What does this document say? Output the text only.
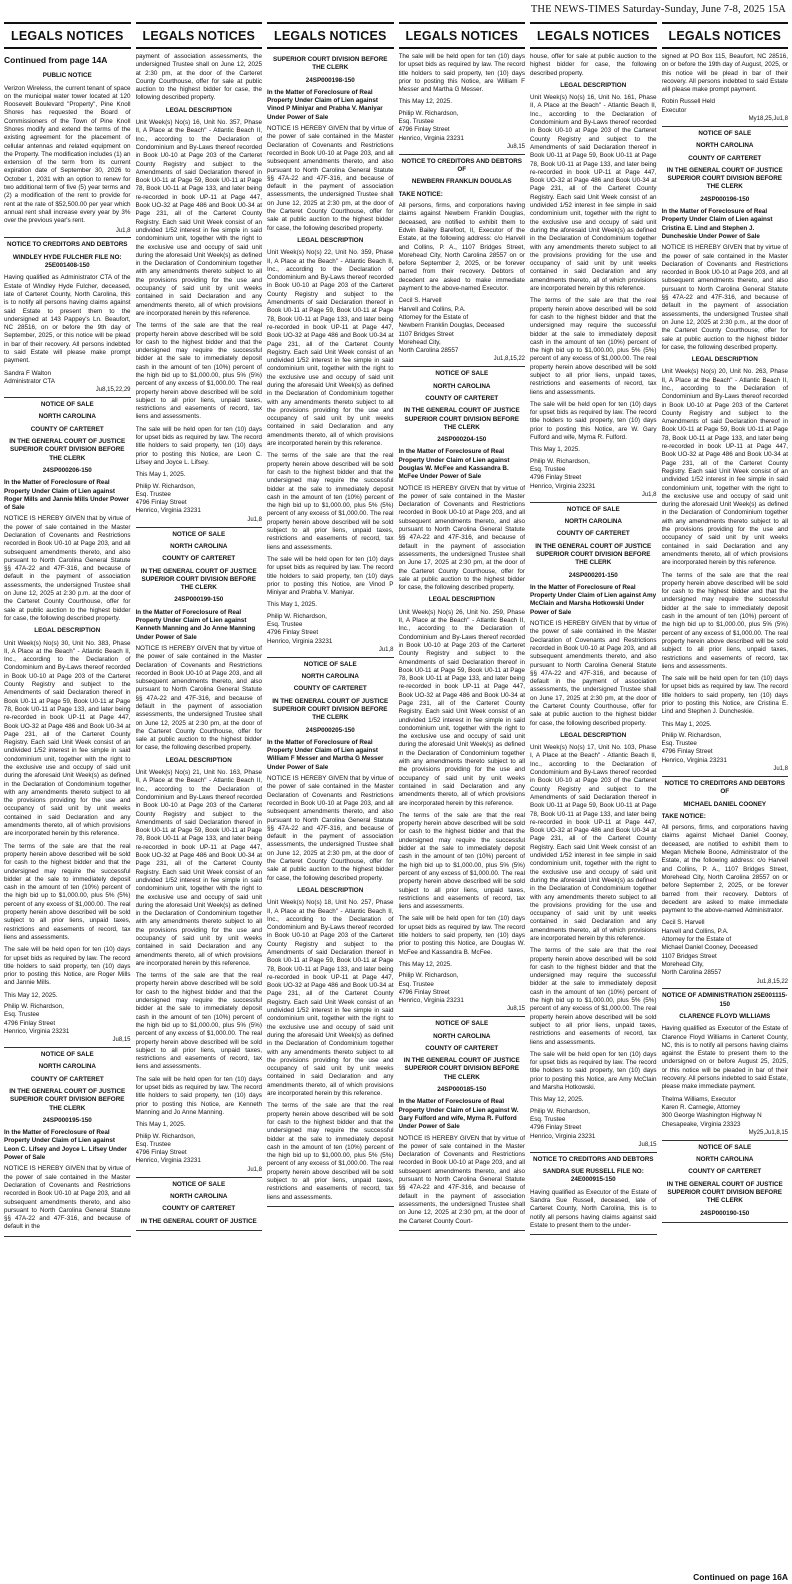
THE NEWS-TIMES Saturday-Sunday, June 7-8, 2025 15A
LEGALS NOTICES
Continued from page 14A
PUBLIC NOTICE

Verizon Wireless, the current tenant of space on the municipal water tower located at 120 Roosevelt Boulevard "Property", Pine Knoll Shores has requested the Board of Commissioners of the Town of Pine Knoll Shores modify and extend the terms of the existing agreement for the placement of cellular antennas and related equipment on the Property. The modification includes (1) an extension of the term from its current expiration date of September 30, 2026 to October 1, 2031 with an option to renew for two additional term of five (5) year terms and (2) a modification of the rent to provide for rent at the rate of $52,500.00 per year which annual rent shall increase every year by 3% over the previous year's rent.

Ju1,8
NOTICE TO CREDITORS AND DEBTORS
WINDLEY HYDE FULCHER FILE NO: 25E001408-150

Having qualified as Administrator CTA of the Estate of Windley Hyde Fulcher, deceased, late of Carteret County, North Carolina, this is to notify all persons having claims against said Estate to present them to the undersigned at 143 Pappey's Ln. Beaufort, NC 28516, on or before the 9th day of September, 2025, or this notice will be plead in bar of their recovery. All persons indebted to said Estate will please make prompt payment.

Sandra F Walton
Administrator CTA
Ju8,15,22,29
NOTICE OF SALE
NORTH CAROLINA
COUNTY OF CARTERET
IN THE GENERAL COURT OF JUSTICE SUPERIOR COURT DIVISION BEFORE THE CLERK
24SP000206-150
In the Matter of Foreclosure of Real Property Under Claim of Lien against Roger Mills and Jannie Mills Under Power of Sale

NOTICE IS HEREBY GIVEN that by virtue of the power of sale contained in the Master Declaration of Covenants and Restrictions recorded in Book U0-10 at Page 203, and all subsequent amendments thereto, and also pursuant to North Carolina General Statute §§ 47A-22 and 47F-316, and because of default in the payment of association assessments, the undersigned Trustee shall on June 12, 2025 at 2:30 p.m. at the door of the Carteret County Courthouse, offer for sale at public auction to the highest bidder for case, the following described property.

LEGAL DESCRIPTION

Unit Week(s) No(s) 30, Unit No. 383, Phase II, A Place at the Beach" - Atlantic Beach II, Inc., according to the Declaration of Condominium and By-Laws thereof recorded in Book U0-10 at Page 203 of the Carteret County Registry and subject to the Amendments of said Declaration thereof in Book U0-11 at Page 59, Book U0-11 at Page 78, Book U0-11 at Page 133, and later being re-recorded in book UP-11 at Page 447, Book UO-32 at Page 486 and Book U0-34 at Page 231, all of the Carteret County Registry. Each said Unit Week consist of an undivided 1/52 interest in fee simple in said condominium unit, together with the right to the exclusive use and occupy of said unit during the aforesaid Unit Week(s) as defined in the Declaration of Condominium together with any amendments thereto subject to all the provisions providing for the use and occupancy of said unit by unit weeks contained in said Declaration and any amendments thereto, all of which provisions are incorporated herein by this reference.

The terms of the sale are that the real property herein above described will be sold for cash to the highest bidder and that the undersigned may require the successful bidder at the sale to immediately deposit cash in the amount of ten (10%) percent of the high bid up to $1,000.00, plus 5% (5%) percent of any excess of $1,000.00. The real property herein above described will be sold subject to all prior liens, unpaid taxes, restrictions and easements of record, tax liens and assessments.

The sale will be held open for ten (10) days for upset bids as required by law. The record title holders to said property, ten (10) days prior to posting this Notice, are Roger Mills and Jannie Mills.

This May 12, 2025.

Philip W. Richardson,
Esq. Trustee
4796 Finlay Street
Henrico, Virginia 23231
Ju8,15
NOTICE OF SALE
NORTH CAROLINA
COUNTY OF CARTERET
IN THE GENERAL COURT OF JUSTICE SUPERIOR COURT DIVISION BEFORE THE CLERK
24SP000195-150
In the Matter of Foreclosure of Real Property Under Claim of Lien against Leon C. Lifsey and Joyce L. Lifsey Under Power of Sale

NOTICE IS HEREBY GIVEN that by virtue of the power of sale contained in the Master Declaration of Covenants and Restrictions recorded in Book U0-10 at Page 203, and all subsequent amendments thereto, and also pursuant to North Carolina General Statute §§ 47A-22 and 47F-316, and because of default in the

LEGALS NOTICES

payment of association assessments, the undersigned Trustee shall on June 12, 2025 at 2:30 pm, at the door of the Carteret County Courthouse, offer for sale at public auction to the highest bidder for case, the following described property.

LEGAL DESCRIPTION

Unit Week(s) No(s) 16, Unit No. 357, Phase II, A Place at the Beach" - Atlantic Beach II, Inc., according to the Declaration of Condominium and By-Laws thereof recorded in Book U0-10 at Page 203 of the Carteret County Registry and subject to the Amendments of said Declaration thereof in Book U0-11 at Page 59, Book U0-11 at Page 78, Book U0-11 at Page 133, and later being re-recorded in book UP-11 at Page 447, Book UO-32 at Page 486 and Book U0-34 at Page 231, all of the Carteret County Registry. Each said Unit Week consist of an undivided 1/52 interest in fee simple in said condominium unit, together with the right to the exclusive use and occupy of said unit during the aforesaid Unit Week(s) as defined in the Declaration of Condominium together with any amendments thereto subject to all the provisions providing for the use and occupancy of said unit by unit weeks contained in said Declaration and any amendments thereto, all of which provisions are incorporated herein by this reference.

The terms of the sale are that the real property herein above described will be sold for cash to the highest bidder and that the undersigned may require the successful bidder at the sale to immediately deposit cash in the amount of ten (10%) percent of the high bid up to $1,000.00, plus 5% (5%) percent of any excess of $1,000.00. The real property herein above described will be sold subject to all prior liens, unpaid taxes, restrictions and easements of record, tax liens and assessments.

The sale will be held open for ten (10) days for upset bids as required by law. The record title holders to said property, ten (10) days prior to posting this Notice, are Leon C. Lifsey and Joyce L. Lifsey.

This May 1, 2025.

Philip W. Richardson,
Esq. Trustee
4796 Finlay Street
Henrico, Virginia 23231
Ju1,8
NOTICE OF SALE
NORTH CAROLINA
COUNTY OF CARTERET
IN THE GENERAL COURT OF JUSTICE SUPERIOR COURT DIVISION BEFORE THE CLERK
24SP000199-150
In the Matter of Foreclosure of Real Property Under Claim of Lien against Kenneth Manning and Jo Anne Manning Under Power of Sale

NOTICE IS HEREBY GIVEN that by virtue of the power of sale contained in the Master Declaration of Covenants and Restrictions recorded in Book U0-10 at Page 203, and all subsequent amendments thereto, and also pursuant to North Carolina General Statute §§ 47A-22 and 47F-316, and because of default in the payment of association assessments, the undersigned Trustee shall on June 12, 2025 at 2:30 pm, at the door of the Carteret County Courthouse, offer for sale at public auction to the highest bidder for case, the following described property.

LEGAL DESCRIPTION

Unit Week(s) No(s) 21, Unit No. 163, Phase II, A Place at the Beach" - Atlantic Beach II, Inc., according to the Declaration of Condominium and By-Laws thereof recorded in Book U0-10 at Page 203 of the Carteret County Registry and subject to the Amendments of said Declaration thereof in Book U0-11 at Page 59, Book U0-11 at Page 78, Book U0-11 at Page 133, and later being re-recorded in book UP-11 at Page 447, Book UO-32 at Page 486 and Book U0-34 at Page 231, all of the Carteret County Registry. Each said Unit Week consist of an undivided 1/52 interest in fee simple in said condominium unit, together with the right to the exclusive use and occupy of said unit during the aforesaid Unit Week(s) as defined in the Declaration of Condominium together with any amendments thereto subject to all the provisions providing for the use and occupancy of said unit by unit weeks contained in said Declaration and any amendments thereto, all of which provisions are incorporated herein by this reference.

The terms of the sale are that the real property herein above described will be sold for cash to the highest bidder and that the undersigned may require the successful bidder at the sale to immediately deposit cash in the amount of ten (10%) percent of the high bid up to $1,000.00, plus 5% (5%) percent of any excess of $1,000.00. The real property herein above described will be sold subject to all prior liens, unpaid taxes, restrictions and easements of record, tax liens and assessments.

The sale will be held open for ten (10) days for upset bids as required by law. The record title holders to said property, ten (10) days prior to posting this Notice, are Kenneth Manning and Jo Anne Manning.

This May 1, 2025.

Philip W. Richardson,
Esq. Trustee
4796 Finlay Street
Henrico, Virginia 23231
Ju1,8
NOTICE OF SALE
NORTH CAROLINA
COUNTY OF CARTERET
IN THE GENERAL COURT OF JUSTICE
LEGALS NOTICES
SUPERIOR COURT DIVISION BEFORE THE CLERK
24SP000198-150
In the Matter of Foreclosure of Real Property Under Claim of Lien against Vinod P Miniyar and Prabha V. Maniyar Under Power of Sale

NOTICE IS HEREBY GIVEN that by virtue of the power of sale contained in the Master Declaration of Covenants and Restrictions recorded in Book U0-10 at Page 203, and all subsequent amendments thereto, and also pursuant to North Carolina General Statute §§ 47A-22 and 47F-316, and because of default in the payment of association assessments, the undersigned Trustee shall on June 12, 2025 at 2:30 pm, at the door of the Carteret County Courthouse, offer for sale at public auction to the highest bidder for case, the following described property.

LEGAL DESCRIPTION

Unit Week(s) No(s) 22, Unit No. 359, Phase II, A Place at the Beach" - Atlantic Beach II, Inc., according to the Declaration of Condominium and By-Laws thereof recorded in Book U0-10 at Page 203 of the Carteret County Registry and subject to the Amendments of said Declaration thereof in Book U0-11 at Page 59, Book U0-11 at Page 78, Book U0-11 at Page 133, and later being re-recorded in book UP-11 at Page 447, Book UO-32 at Page 486 and Book U0-34 at Page 231, all of the Carteret County Registry. Each said Unit Week consist of an undivided 1/52 interest in fee simple in said condominium unit, together with the right to the exclusive use and occupy of said unit during the aforesaid Unit Week(s) as defined in the Declaration of Condominium together with any amendments thereto subject to all the provisions providing for the use and occupancy of said unit by unit weeks contained in said Declaration and any amendments thereto, all of which provisions are incorporated herein by this reference.

The terms of the sale are that the real property herein above described will be sold for cash to the highest bidder and that the undersigned may require the successful bidder at the sale to immediately deposit cash in the amount of ten (10%) percent of the high bid up to $1,000.00, plus 5% (5%) percent of any excess of $1,000.00. The real property herein above described will be sold subject to all prior liens, unpaid taxes, restrictions and easements of record, tax liens and assessments.

The sale will be held open for ten (10) days for upset bids as required by law. The record title holders to said property, ten (10) days prior to posting this Notice, are Vinod P Miniyar and Prabha V. Maniyar.

This May 1, 2025.

Philip W. Richardson,
Esq. Trustee
4796 Finlay Street
Henrico, Virginia 23231
Ju1,8
NOTICE OF SALE
NORTH CAROLINA
COUNTY OF CARTERET
IN THE GENERAL COURT OF JUSTICE SUPERIOR COURT DIVISION BEFORE THE CLERK
24SP000205-150
In the Matter of Foreclosure of Real Property Under Claim of Lien against William F Messer and Martha G Messer Under Power of Sale

NOTICE IS HEREBY GIVEN that by virtue of the power of sale contained in the Master Declaration of Covenants and Restrictions recorded in Book U0-10 at Page 203, and all subsequent amendments thereto, and also pursuant to North Carolina General Statute §§ 47A-22 and 47F-316, and because of default in the payment of association assessments, the undersigned Trustee shall on June 12, 2025 at 2:30 pm, at the door of the Carteret County Courthouse, offer for sale at public auction to the highest bidder for case, the following described property.

LEGAL DESCRIPTION

Unit Week(s) No(s) 18, Unit No. 257, Phase II, A Place at the Beach" - Atlantic Beach II, Inc., according to the Declaration of Condominium and By-Laws thereof recorded in Book U0-10 at Page 203 of the Carteret County Registry and subject to the Amendments of said Declaration thereof in Book U0-11 at Page 59, Book U0-11 at Page 78, Book U0-11 at Page 133, and later being re-recorded in book UP-11 at Page 447, Book UO-32 at Page 486 and Book U0-34 at Page 231, all of the Carteret County Registry. Each said Unit Week consist of an undivided 1/52 interest in fee simple in said condominium unit, together with the right to the exclusive use and occupy of said unit during the aforesaid Unit Week(s) as defined in the Declaration of Condominium together with any amendments thereto subject to all the provisions providing for the use and occupancy of said unit by unit weeks contained in said Declaration and any amendments thereto, all of which provisions are incorporated herein by this reference.

The terms of the sale are that the real property herein above described will be sold for cash to the highest bidder and that the undersigned may require the successful bidder at the sale to immediately deposit cash in the amount of ten (10%) percent of the high bid up to $1,000.00, plus 5% (5%) percent of any excess of $1,000.00. The real property herein above described will be sold subject to all prior liens, unpaid taxes, restrictions and easements of record, tax liens and assessments.

LEGALS NOTICES

The sale will be held open for ten (10) days for upset bids as required by law. The record title holders to said property, ten (10) days prior to posting this Notice, are William F Messer and Martha G Messer.

This May 12, 2025.

Philip W. Richardson,
Esq. Trustee
4796 Finlay Street
Henrico, Virginia 23231
Ju8,15
NOTICE TO CREDITORS AND DEBTORS OF
NEWBERN FRANKLIN DOUGLAS
TAKE NOTICE:

All persons, firms, and corporations having claims against Newbern Franklin Douglas, deceased, are notified to exhibit them to Edwin Bailey Barefoot, II, Executor of the Estate, at the following address: c/o Harvell and Collins, P. A., 1107 Bridges Street, Morehead City, North Carolina 28557 on or before September 2, 2025, or be forever barred from their recovery. Debtors of decedent are asked to make immediate payment to the above-named Executor.

Cecil S. Harvell
Harvell and Collins, P.A.
Attorney for the Estate of
Newbern Franklin Douglas, Deceased
1107 Bridges Street
Morehead City,
North Carolina 28557
Ju1,8,15,22
NOTICE OF SALE
NORTH CAROLINA
COUNTY OF CARTERET
IN THE GENERAL COURT OF JUSTICE SUPERIOR COURT DIVISION BEFORE THE CLERK
24SP000204-150
In the Matter of Foreclosure of Real Property Under Claim of Lien against Douglas W. McFee and Kassandra B. McFee Under Power of Sale

NOTICE IS HEREBY GIVEN that by virtue of the power of sale contained in the Master Declaration of Covenants and Restrictions recorded in Book U0-10 at Page 203, and all subsequent amendments thereto, and also pursuant to North Carolina General Statute §§ 47A-22 and 47F-316, and because of default in the payment of association assessments, the undersigned Trustee shall on June 17, 2025 at 2:30 pm, at the door of the Carteret County Courthouse, offer for sale at public auction to the highest bidder for case, the following described property.

LEGAL DESCRIPTION

Unit Week(s) No(s) 26, Unit No. 259, Phase II, A Place at the Beach" - Atlantic Beach II, Inc., according to the Declaration of Condominium and By-Laws thereof recorded in Book U0-10 at Page 203 of the Carteret County Registry and subject to the Amendments of said Declaration thereof in Book U0-11 at Page 59, Book U0-11 at Page 78, Book U0-11 at Page 133, and later being re-recorded in book UP-11 at Page 447, Book UO-32 at Page 486 and Book U0-34 at Page 231, all of the Carteret County Registry. Each said Unit Week consist of an undivided 1/52 interest in fee simple in said condominium unit, together with the right to the exclusive use and occupy of said unit during the aforesaid Unit Week(s) as defined in the Declaration of Condominium together with any amendments thereto subject to all the provisions providing for the use and occupancy of said unit by unit weeks contained in said Declaration and any amendments thereto, all of which provisions are incorporated herein by this reference.

The terms of the sale are that the real property herein above described will be sold for cash to the highest bidder and that the undersigned may require the successful bidder at the sale to immediately deposit cash in the amount of ten (10%) percent of the high bid up to $1,000.00, plus 5% (5%) percent of any excess of $1,000.00. The real property herein above described will be sold subject to all prior liens, unpaid taxes, restrictions and easements of record, tax liens and assessments.

The sale will be held open for ten (10) days for upset bids as required by law. The record title holders to said property, ten (10) days prior to posting this Notice, are Douglas W. McFee and Kassandra B. McFee.

This May 12, 2025.

Philip W. Richardson,
Esq. Trustee
4796 Finlay Street
Henrico, Virginia 23231
Ju8,15
NOTICE OF SALE
NORTH CAROLINA
COUNTY OF CARTERET
IN THE GENERAL COURT OF JUSTICE SUPERIOR COURT DIVISION BEFORE THE CLERK
24SP000185-150
In the Matter of Foreclosure of Real Property Under Claim of Lien against W. Gary Fulford and wife, Myrna R. Fulford Under Power of Sale

NOTICE IS HEREBY GIVEN that by virtue of the power of sale contained in the Master Declaration of Covenants and Restrictions recorded in Book U0-10 at Page 203, and all subsequent amendments thereto, and also pursuant to North Carolina General Statute §§ 47A-22 and 47F-316, and because of default in the payment of association assessments, the undersigned Trustee shall on June 12, 2025 at 2:30 pm, at the door of the Carteret County Court-

LEGALS NOTICES

house, offer for sale at public auction to the highest bidder for case, the following described property.

LEGAL DESCRIPTION

Unit Week(s) No(s) 16, Unit No. 161, Phase II, A Place at the Beach" - Atlantic Beach II, Inc., according to the Declaration of Condominium and By-Laws thereof recorded in Book U0-10 at Page 203 of the Carteret County Registry and subject to the Amendments of said Declaration thereof in Book U0-11 at Page 59, Book U0-11 at Page 78, Book U0-11 at Page 133, and later being re-recorded in book UP-11 at Page 447, Book UO-32 at Page 486 and Book U0-34 at Page 231, all of the Carteret County Registry. Each said Unit Week consist of an undivided 1/52 interest in fee simple in said condominium unit, together with the right to the exclusive use and occupy of said unit during the aforesaid Unit Week(s) as defined in the Declaration of Condominium together with any amendments thereto subject to all the provisions providing for the use and occupancy of said unit by unit weeks contained in said Declaration and any amendments thereto, all of which provisions are incorporated herein by this reference.

The terms of the sale are that the real property herein above described will be sold for cash to the highest bidder and that the undersigned may require the successful bidder at the sale to immediately deposit cash in the amount of ten (10%) percent of the high bid up to $1,000.00, plus 5% (5%) percent of any excess of $1,000.00. The real property herein above described will be sold subject to all prior liens, unpaid taxes, restrictions and easements of record, tax liens and assessments.

The sale will be held open for ten (10) days for upset bids as required by law. The record title holders to said property, ten (10) days prior to posting this Notice, are W. Gary Fulford and wife, Myrna R. Fulford.

This May 1, 2025.

Philip W. Richardson,
Esq. Trustee
4796 Finlay Street
Henrico, Virginia 23231
Ju1,8
NOTICE OF SALE
NORTH CAROLINA
COUNTY OF CARTERET
IN THE GENERAL COURT OF JUSTICE SUPERIOR COURT DIVISION BEFORE THE CLERK
24SP000201-150
In the Matter of Foreclosure of Real Property Under Claim of Lien against Amy McClain and Marsha Hotkowski Under Power of Sale

NOTICE IS HEREBY GIVEN that by virtue of the power of sale contained in the Master Declaration of Covenants and Restrictions recorded in Book U0-10 at Page 203, and all subsequent amendments thereto, and also pursuant to North Carolina General Statute §§ 47A-22 and 47F-316, and because of default in the payment of association assessments, the undersigned Trustee shall on June 17, 2025 at 2:30 pm, at the door of the Carteret County Courthouse, offer for sale at public auction to the highest bidder for case, the following described property.

LEGAL DESCRIPTION

Unit Week(s) No(s) 17, Unit No. 103, Phase I, A Place at the Beach" - Atlantic Beach II, Inc., according to the Declaration of Condominium and By-Laws thereof recorded in Book U0-10 at Page 203 of the Carteret County Registry and subject to the Amendments of said Declaration thereof in Book U0-11 at Page 59, Book U0-11 at Page 78, Book U0-11 at Page 133, and later being re-recorded in book UP-11 at Page 447, Book UO-32 at Page 486 and Book U0-34 at Page 231, all of the Carteret County Registry. Each said Unit Week consist of an undivided 1/52 interest in fee simple in said condominium unit, together with the right to the exclusive use and occupy of said unit during the aforesaid Unit Week(s) as defined in the Declaration of Condominium together with any amendments thereto subject to all the provisions providing for the use and occupancy of said unit by unit weeks contained in said Declaration and any amendments thereto, all of which provisions are incorporated herein by this reference.

The terms of the sale are that the real property herein above described will be sold for cash to the highest bidder and that the undersigned may require the successful bidder at the sale to immediately deposit cash in the amount of ten (10%) percent of the high bid up to $1,000.00, plus 5% (5%) percent of any excess of $1,000.00. The real property herein above described will be sold subject to all prior liens, unpaid taxes, restrictions and easements of record, tax liens and assessments.

The sale will be held open for ten (10) days for upset bids as required by law. The record title holders to said property, ten (10) days prior to posting this Notice, are Amy McClain and Marsha Hotkowski.

This May 12, 2025.

Philip W. Richardson,
Esq. Trustee
4796 Finlay Street
Henrico, Virginia 23231
Ju8,15
NOTICE TO CREDITORS AND DEBTORS
SANDRA SUE RUSSELL FILE NO: 24E000915-150

Having qualified as Executor of the Estate of Sandra Sue Russell, deceased, late of Carteret County, North Carolina, this is to notify all persons having claims against said Estate to present them to the under-

LEGALS NOTICES

signed at PO Box 115, Beaufort, NC 28516, on or before the 19th day of August, 2025, or this notice will be plead in bar of their recovery. All persons indebted to said Estate will please make prompt payment.

Robin Russell Held
Executor
My18,25,Ju1,8
NOTICE OF SALE
NORTH CAROLINA
COUNTY OF CARTERET
IN THE GENERAL COURT OF JUSTICE SUPERIOR COURT DIVISION BEFORE THE CLERK
24SP000196-150
In the Matter of Foreclosure of Real Property Under Claim of Lien against Cristina E. Lind and Stephen J. Duncheskie Under Power of Sale

NOTICE IS HEREBY GIVEN that by virtue of the power of sale contained in the Master Declaration of Covenants and Restrictions recorded in Book U0-10 at Page 203, and all subsequent amendments thereto, and also pursuant to North Carolina General Statute §§ 47A-22 and 47F-316, and because of default in the payment of association assessments, the undersigned Trustee shall on June 12, 2025 at 2:30 p.m., at the door of the Carteret County Courthouse, offer for sale at public auction to the highest bidder for case, the following described property.

LEGAL DESCRIPTION

Unit Week(s) No(s) 20, Unit No. 263, Phase II, A Place at the Beach" - Atlantic Beach II, Inc., according to the Declaration of Condominium and By-Laws thereof recorded in Book U0-10 at Page 203 of the Carteret County Registry and subject to the Amendments of said Declaration thereof in Book U0-11 at Page 59, Book U0-11 at Page 78, Book U0-11 at Page 133, and later being re-recorded in book UP-11 at Page 447, Book UO-32 at Page 486 and Book U0-34 at Page 231, all of the Carteret County Registry. Each said Unit Week consist of an undivided 1/52 interest in fee simple in said condominium unit, together with the right to the exclusive use and occupy of said unit during the aforesaid Unit Week(s) as defined in the Declaration of Condominium together with any amendments thereto subject to all the provisions providing for the use and occupancy of said unit by unit weeks contained in said Declaration and any amendments thereto, all of which provisions are incorporated herein by this reference.

The terms of the sale are that the real property herein above described will be sold for cash to the highest bidder and that the undersigned may require the successful bidder at the sale to immediately deposit cash in the amount of ten (10%) percent of the high bid up to $1,000.00, plus 5% (5%) percent of any excess of $1,000.00. The real property herein above described will be sold subject to all prior liens, unpaid taxes, restrictions and easements of record, tax liens and assessments.

The sale will be held open for ten (10) days for upset bids as required by law. The record title holders to said property, ten (10) days prior to posting this Notice, are Cristina E. Lind and Stephen J. Duncheskie.

This May 1, 2025.

Philip W. Richardson,
Esq. Trustee
4796 Finlay Street
Henrico, Virginia 23231
Ju1,8
NOTICE TO CREDITORS AND DEBTORS OF
MICHAEL DANIEL COONEY
TAKE NOTICE:

All persons, firms, and corporations having claims against Michael Daniel Cooney, deceased, are notified to exhibit them to Megan Michele Boone, Administrator of the Estate, at the following address: c/o Harvell and Collins, P. A., 1107 Bridges Street, Morehead City, North Carolina 28557 on or before September 2, 2025, or be forever barred from their recovery. Debtors of decedent are asked to make immediate payment to the above-named Administrator.

Cecil S. Harvell
Harvell and Collins, P.A.
Attorney for the Estate of
Michael Daniel Cooney, Deceased
1107 Bridges Street
Morehead City,
North Carolina 28557
Ju1,8,15,22
NOTICE OF ADMINISTRATION 25E001115-150
CLARENCE FLOYD WILLIAMS

Having qualified as Executor of the Estate of Clarence Floyd Williams in Carteret County, NC, this is to notify all persons having claims against the Estate to present them to the undersigned on or before August 25, 2025, or this notice will be pleaded in bar of their recovery. All persons indebted to said Estate, please make immediate payment.

Thelma Williams, Executor
Karen R. Carnegie, Attorney
300 George Washington Highway N
Chesapeake, Virginia 23323
My25,Ju1,8,15
NOTICE OF SALE
NORTH CAROLINA
COUNTY OF CARTERET
IN THE GENERAL COURT OF JUSTICE SUPERIOR COURT DIVISION BEFORE THE CLERK
24SP000190-150
Continued on page 16A
